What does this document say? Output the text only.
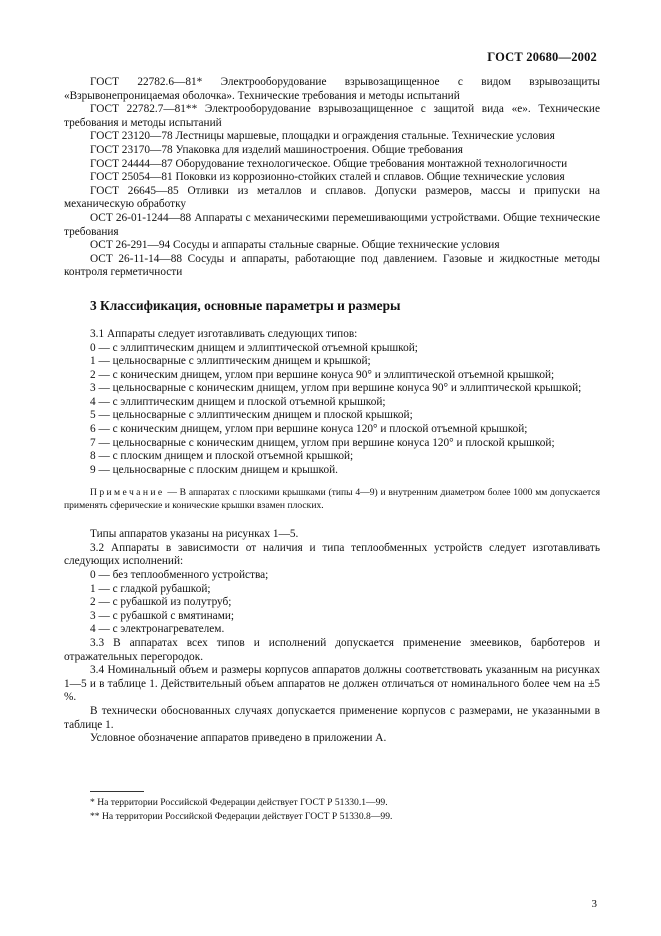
ГОСТ 20680—2002

ГОСТ 22782.6—81* Электрооборудование взрывозащищенное с видом взрывозащиты «Взрывонепроницаемая оболочка». Технические требования и методы испытаний

ГОСТ 22782.7—81** Электрооборудование взрывозащищенное с защитой вида «е». Технические требования и методы испытаний

ГОСТ 23120—78 Лестницы маршевые, площадки и ограждения стальные. Технические условия

ГОСТ 23170—78 Упаковка для изделий машиностроения. Общие требования

ГОСТ 24444—87 Оборудование технологическое. Общие требования монтажной технологичности

ГОСТ 25054—81 Поковки из коррозионно-стойких сталей и сплавов. Общие технические условия

ГОСТ 26645—85 Отливки из металлов и сплавов. Допуски размеров, массы и припуски на механическую обработку

ОСТ 26-01-1244—88 Аппараты с механическими перемешивающими устройствами. Общие технические требования

ОСТ 26-291—94 Сосуды и аппараты стальные сварные. Общие технические условия

ОСТ 26-11-14—88 Сосуды и аппараты, работающие под давлением. Газовые и жидкостные методы контроля герметичности

3 Классификация, основные параметры и размеры

3.1 Аппараты следует изготавливать следующих типов:

0 — с эллиптическим днищем и эллиптической отъемной крышкой;

1 — цельносварные с эллиптическим днищем и крышкой;

2 — с коническим днищем, углом при вершине конуса 90° и эллиптической отъемной крышкой;

3 — цельносварные с коническим днищем, углом при вершине конуса 90° и эллиптической крышкой;

4 — с эллиптическим днищем и плоской отъемной крышкой;

5 — цельносварные с эллиптическим днищем и плоской крышкой;

6 — с коническим днищем, углом при вершине конуса 120° и плоской отъемной крышкой;

7 — цельносварные с коническим днищем, углом при вершине конуса 120° и плоской крышкой;

8 — с плоским днищем и плоской отъемной крышкой;

9 — цельносварные с плоским днищем и крышкой.

Примечание — В аппаратах с плоскими крышками (типы 4—9) и внутренним диаметром более 1000 мм допускается применять сферические и конические крышки взамен плоских.

Типы аппаратов указаны на рисунках 1—5.

3.2 Аппараты в зависимости от наличия и типа теплообменных устройств следует изготавливать следующих исполнений:

0 — без теплообменного устройства;

1 — с гладкой рубашкой;

2 — с рубашкой из полутруб;

3 — с рубашкой с вмятинами;

4 — с электронагревателем.

3.3 В аппаратах всех типов и исполнений допускается применение змеевиков, барботеров и отражательных перегородок.

3.4 Номинальный объем и размеры корпусов аппаратов должны соответствовать указанным на рисунках 1—5 и в таблице 1. Действительный объем аппаратов не должен отличаться от номинального более чем на ±5 %.

В технически обоснованных случаях допускается применение корпусов с размерами, не указанными в таблице 1.

Условное обозначение аппаратов приведено в приложении А.

* На территории Российской Федерации действует ГОСТ Р 51330.1—99.
** На территории Российской Федерации действует ГОСТ Р 51330.8—99.
3
